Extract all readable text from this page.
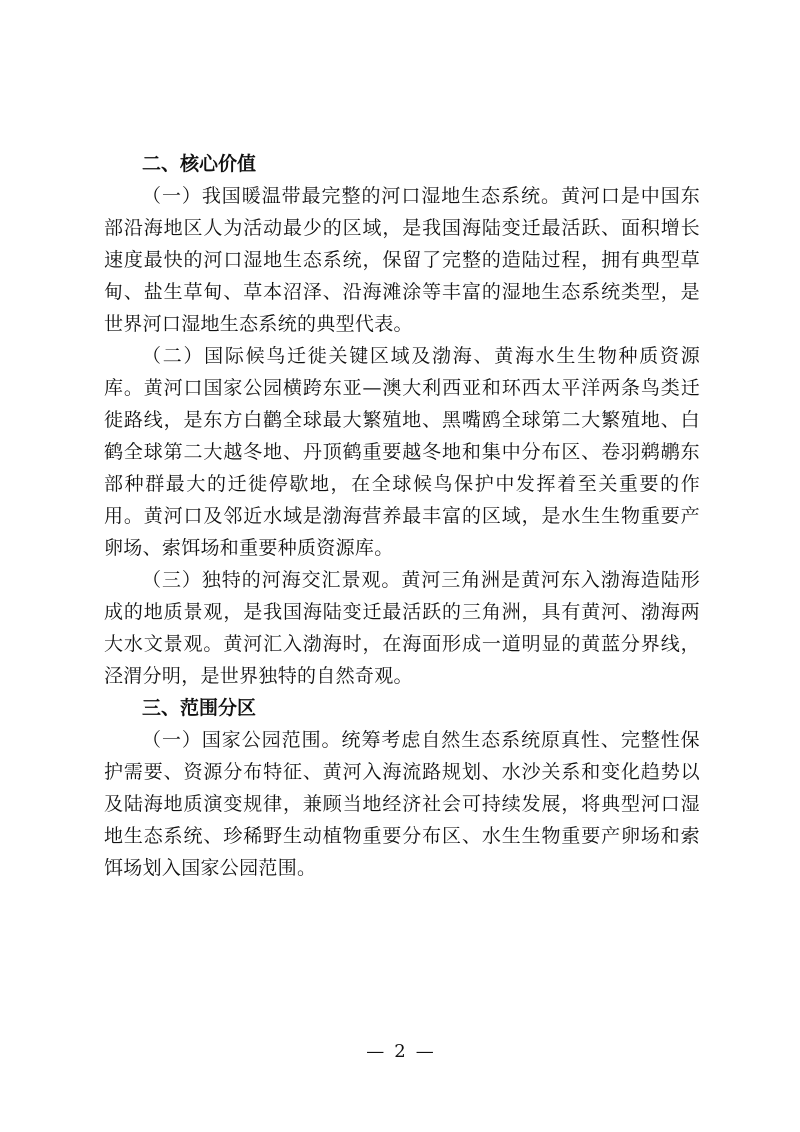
二、核心价值

（一）我国暖温带最完整的河口湿地生态系统。黄河口是中国东部沿海地区人为活动最少的区域，是我国海陆变迁最活跃、面积增长速度最快的河口湿地生态系统，保留了完整的造陆过程，拥有典型草甸、盐生草甸、草本沼泽、沿海滩涂等丰富的湿地生态系统类型，是世界河口湿地生态系统的典型代表。

（二）国际候鸟迁徙关键区域及渤海、黄海水生生物种质资源库。黄河口国家公园横跨东亚—澳大利西亚和环西太平洋两条鸟类迁徙路线，是东方白鹳全球最大繁殖地、黑嘴鸥全球第二大繁殖地、白鹤全球第二大越冬地、丹顶鹤重要越冬地和集中分布区、卷羽鹈鹕东部种群最大的迁徙停歇地，在全球候鸟保护中发挥着至关重要的作用。黄河口及邻近水域是渤海营养最丰富的区域，是水生生物重要产卵场、索饵场和重要种质资源库。

（三）独特的河海交汇景观。黄河三角洲是黄河东入渤海造陆形成的地质景观，是我国海陆变迁最活跃的三角洲，具有黄河、渤海两大水文景观。黄河汇入渤海时，在海面形成一道明显的黄蓝分界线，泾渭分明，是世界独特的自然奇观。

三、范围分区

（一）国家公园范围。统筹考虑自然生态系统原真性、完整性保护需要、资源分布特征、黄河入海流路规划、水沙关系和变化趋势以及陆海地质演变规律，兼顾当地经济社会可持续发展，将典型河口湿地生态系统、珍稀野生动植物重要分布区、水生生物重要产卵场和索饵场划入国家公园范围。

— 2 —
